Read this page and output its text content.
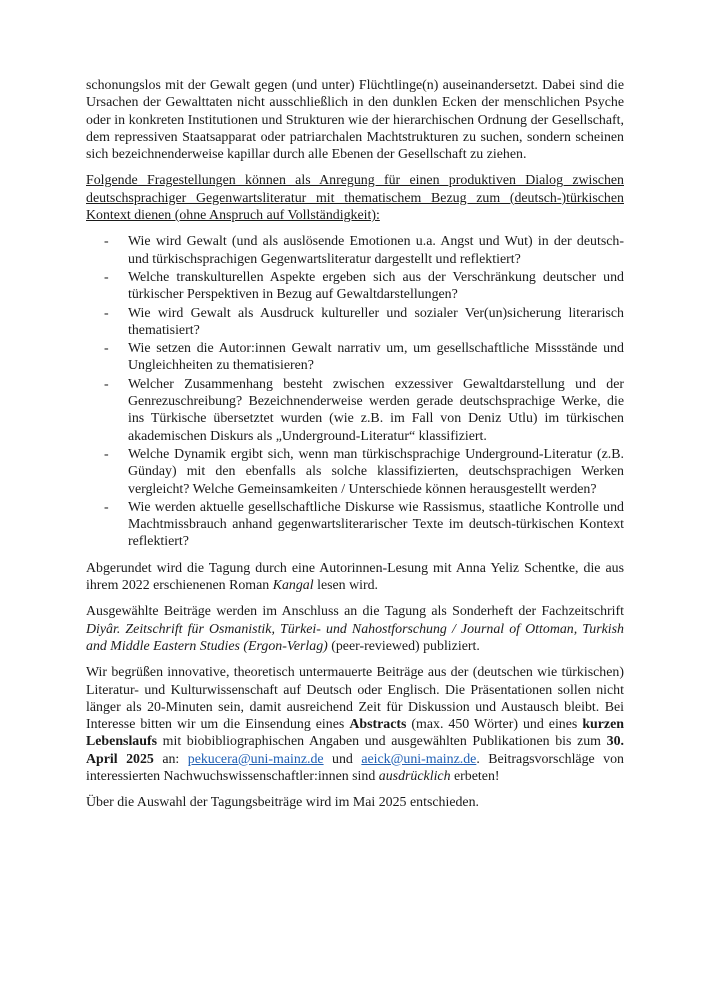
schonungslos mit der Gewalt gegen (und unter) Flüchtlinge(n) auseinandersetzt. Dabei sind die Ursachen der Gewalttaten nicht ausschließlich in den dunklen Ecken der menschlichen Psyche oder in konkreten Institutionen und Strukturen wie der hierarchischen Ordnung der Gesellschaft, dem repressiven Staatsapparat oder patriarchalen Machtstrukturen zu suchen, sondern scheinen sich bezeichnenderweise kapillar durch alle Ebenen der Gesellschaft zu ziehen.

Folgende Fragestellungen können als Anregung für einen produktiven Dialog zwischen deutschsprachiger Gegenwartsliteratur mit thematischem Bezug zum (deutsch-)türkischen Kontext dienen (ohne Anspruch auf Vollständigkeit):

- Wie wird Gewalt (und als auslösende Emotionen u.a. Angst und Wut) in der deutsch- und türkischsprachigen Gegenwartsliteratur dargestellt und reflektiert?
- Welche transkulturellen Aspekte ergeben sich aus der Verschränkung deutscher und türkischer Perspektiven in Bezug auf Gewaltdarstellungen?
- Wie wird Gewalt als Ausdruck kultureller und sozialer Ver(un)sicherung literarisch thematisiert?
- Wie setzen die Autor:innen Gewalt narrativ um, um gesellschaftliche Missstände und Ungleichheiten zu thematisieren?
- Welcher Zusammenhang besteht zwischen exzessiver Gewaltdarstellung und der Genrezuschreibung? Bezeichnenderweise werden gerade deutschsprachige Werke, die ins Türkische übersetztet wurden (wie z.B. im Fall von Deniz Utlu) im türkischen akademischen Diskurs als „Underground-Literatur“ klassifiziert.
- Welche Dynamik ergibt sich, wenn man türkischsprachige Underground-Literatur (z.B. Günday) mit den ebenfalls als solche klassifizierten, deutschsprachigen Werken vergleicht? Welche Gemeinsamkeiten / Unterschiede können herausgestellt werden?
- Wie werden aktuelle gesellschaftliche Diskurse wie Rassismus, staatliche Kontrolle und Machtmissbrauch anhand gegenwartsliterarischer Texte im deutsch-türkischen Kontext reflektiert?

Abgerundet wird die Tagung durch eine Autorinnen-Lesung mit Anna Yeliz Schentke, die aus ihrem 2022 erschienenen Roman Kangal lesen wird.

Ausgewählte Beiträge werden im Anschluss an die Tagung als Sonderheft der Fachzeitschrift Diyâr. Zeitschrift für Osmanistik, Türkei- und Nahostforschung / Journal of Ottoman, Turkish and Middle Eastern Studies (Ergon-Verlag) (peer-reviewed) publiziert.

Wir begrüßen innovative, theoretisch untermauerte Beiträge aus der (deutschen wie türkischen) Literatur- und Kulturwissenschaft auf Deutsch oder Englisch. Die Präsentationen sollen nicht länger als 20-Minuten sein, damit ausreichend Zeit für Diskussion und Austausch bleibt. Bei Interesse bitten wir um die Einsendung eines Abstracts (max. 450 Wörter) und eines kurzen Lebenslaufs mit biobibliographischen Angaben und ausgewählten Publikationen bis zum 30. April 2025 an: pekucera@uni-mainz.de und aeick@uni-mainz.de. Beitragsvorschläge von interessierten Nachwuchswissenschaftler:innen sind ausdrücklich erbeten!

Über die Auswahl der Tagungsbeiträge wird im Mai 2025 entschieden.
